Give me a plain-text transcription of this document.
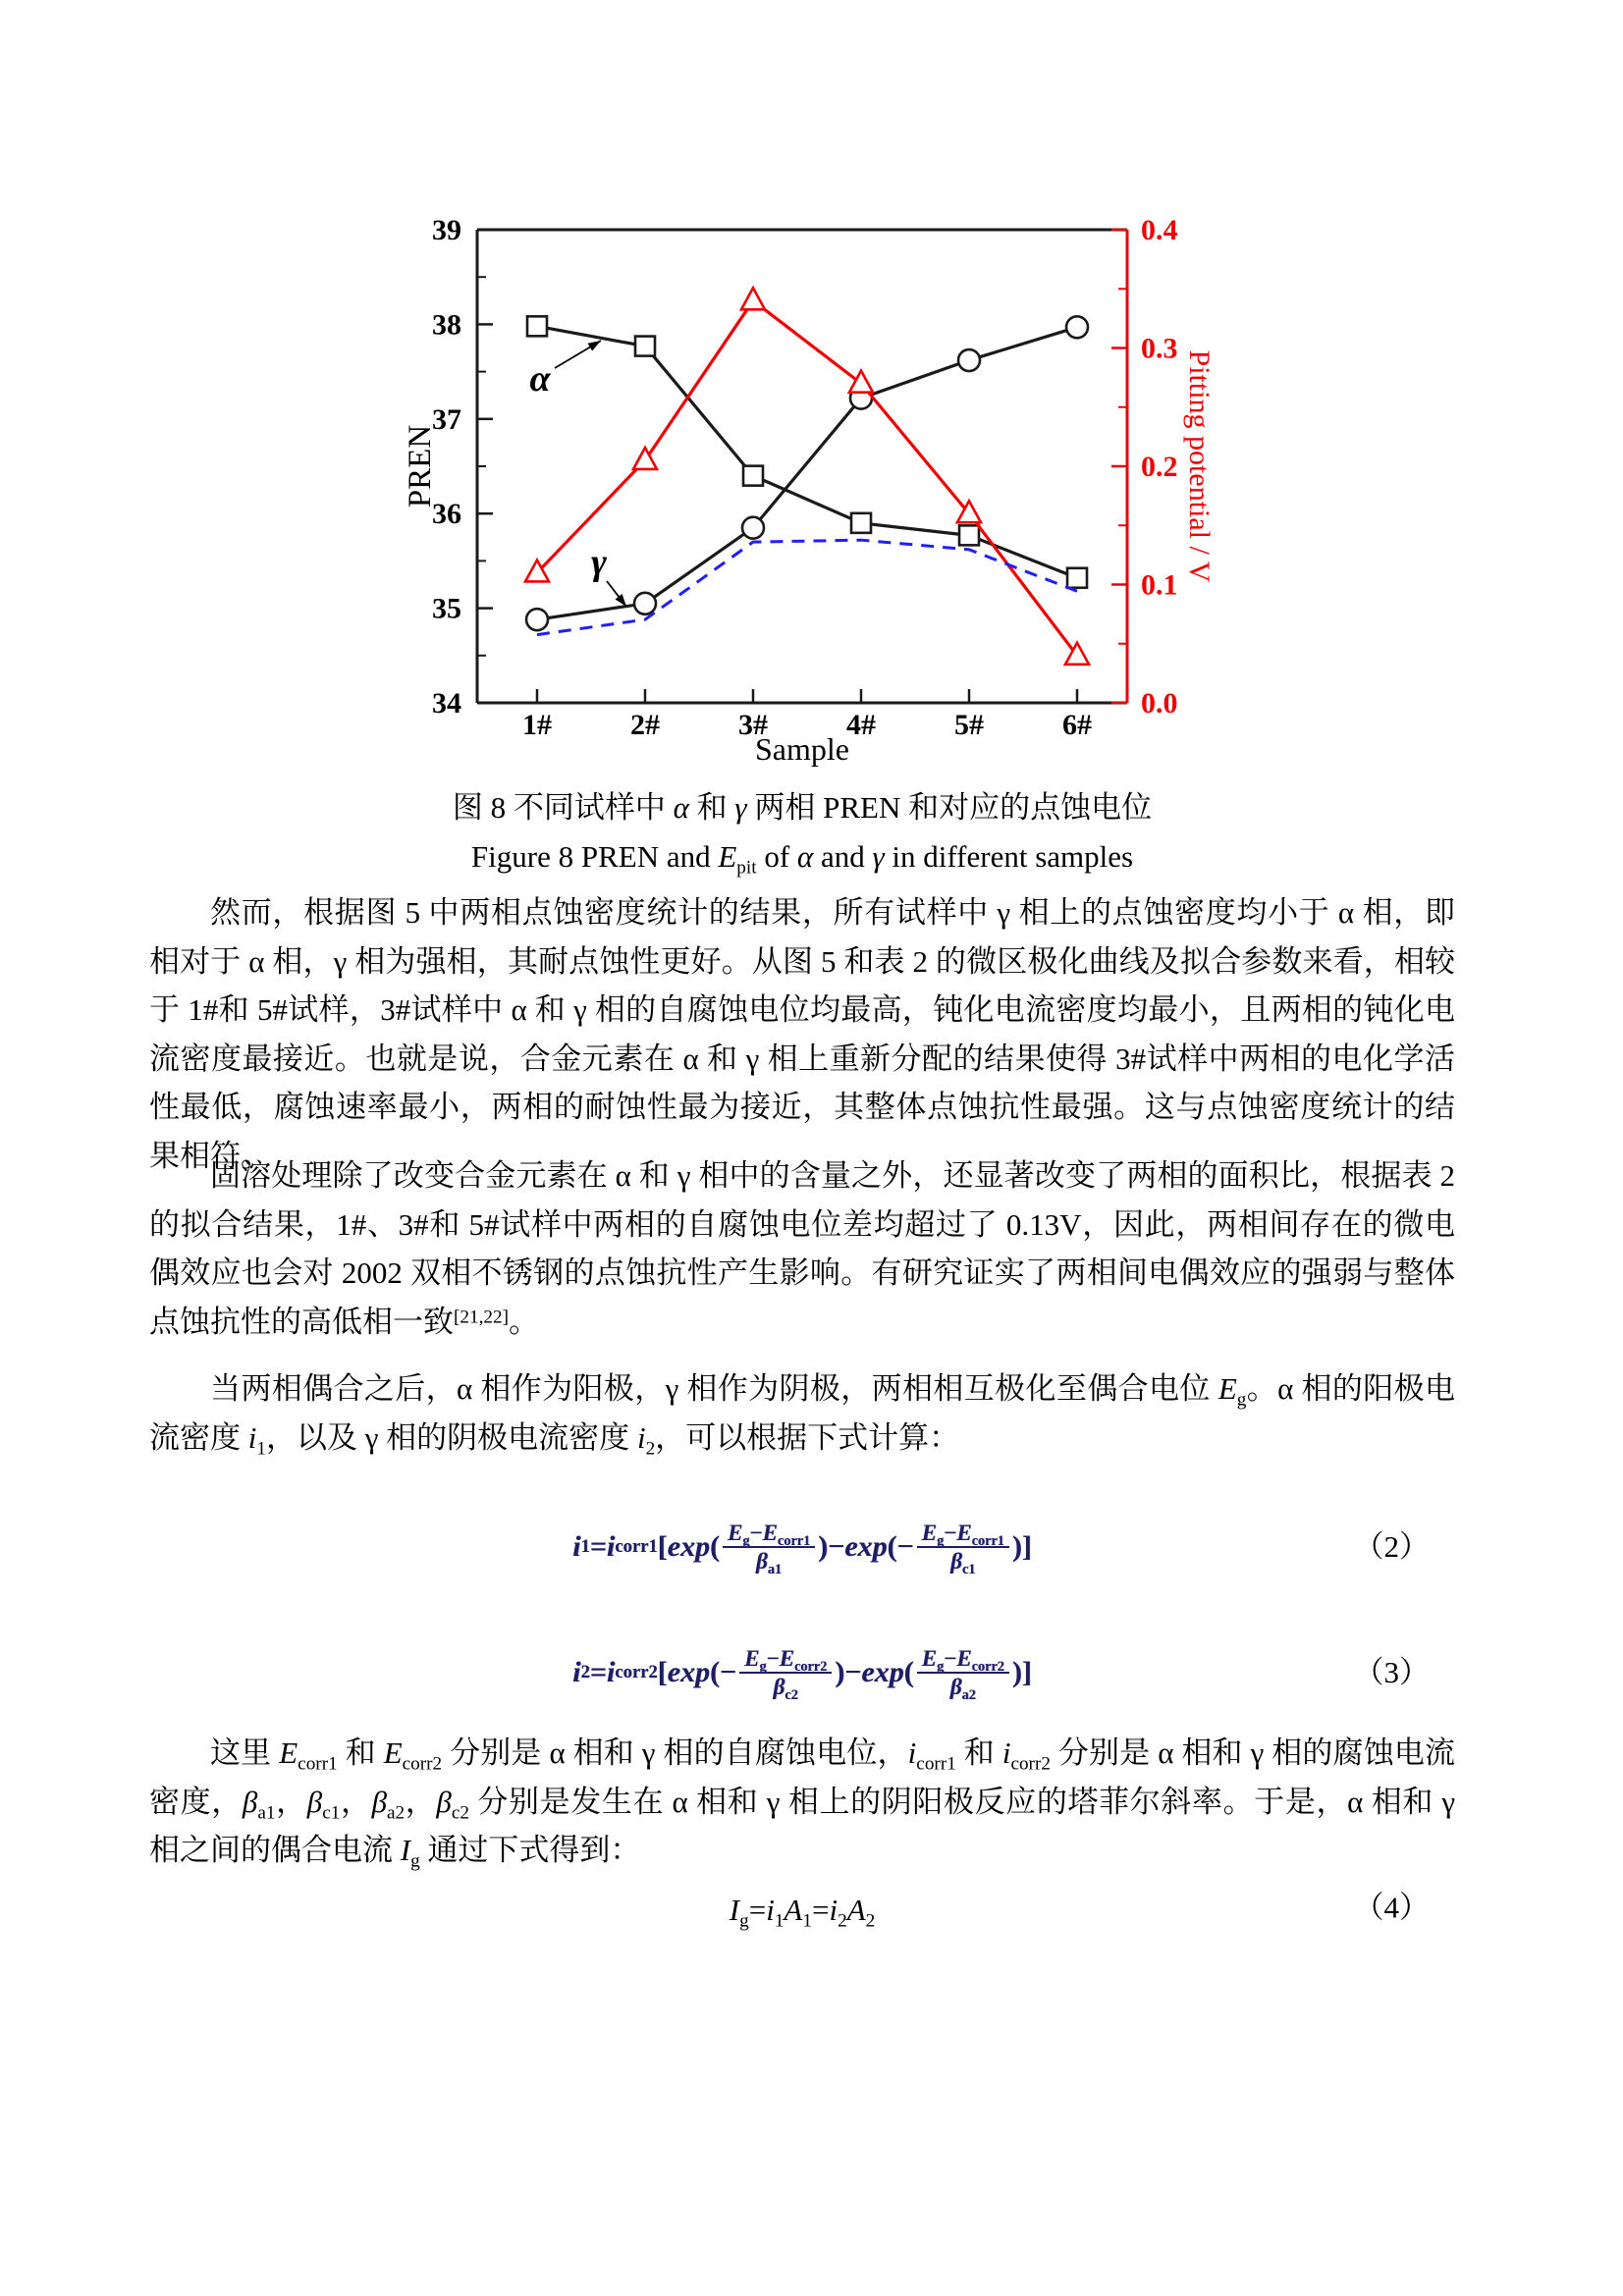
34
35
36
37
38
39
0.0
0.1
0.2
0.3
0.4
1#	2#	3#	4#	5#	6#
PREN
Sample
Pitting potential / V
α
γ
图 8 不同试样中 α 和 γ 两相 PREN 和对应的点蚀电位
Figure 8 PREN and $E_{pit}$ of α and γ in different samples
然而，根据图 5 中两相点蚀密度统计的结果，所有试样中 γ 相上的点蚀密度均小于 α 相，即相对于 α 相，γ 相为强相，其耐点蚀性更好。从图 5 和表 2 的微区极化曲线及拟合参数来看，相较于 1#和 5#试样，3#试样中 α 和 γ 相的自腐蚀电位均最高，钝化电流密度均最小，且两相的钝化电流密度最接近。也就是说，合金元素在 α 和 γ 相上重新分配的结果使得 3#试样中两相的电化学活性最低，腐蚀速率最小，两相的耐蚀性最为接近，其整体点蚀抗性最强。这与点蚀密度统计的结果相符。
固溶处理除了改变合金元素在 α 和 γ 相中的含量之外，还显著改变了两相的面积比，根据表 2 的拟合结果，1#、3#和 5#试样中两相的自腐蚀电位差均超过了 0.13V，因此，两相间存在的微电偶效应也会对 2002 双相不锈钢的点蚀抗性产生影响。有研究证实了两相间电偶效应的强弱与整体点蚀抗性的高低相一致[21,22]。
当两相偶合之后，α 相作为阳极，γ 相作为阴极，两相相互极化至偶合电位 $E_g$。α 相的阳极电流密度 $i_1$，以及 γ 相的阴极电流密度 $i_2$，可以根据下式计算：
这里 $E_{corr1}$ 和 $E_{corr2}$ 分别是 α 相和 γ 相的自腐蚀电位，$i_{corr1}$ 和 $i_{corr2}$ 分别是 α 相和 γ 相的腐蚀电流密度，$\beta_{a1}$，$\beta_{c1}$，$\beta_{a2}$，$\beta_{c2}$ 分别是发生在 α 相和 γ 相上的阴阳极反应的塔菲尔斜率。于是，α 相和 γ 相之间的偶合电流 $I_g$ 通过下式得到：
i 1 = i corr1 [ exp ( $\frac{E_g-E_{corr1}}{\beta_{a1}}$ ) − exp ( − $\frac{E_g-E_{corr1}}{\beta_{c1}}$ ) ]	（2）
i 2 = i corr2 [ exp ( − $\frac{E_g-E_{corr2}}{\beta_{c2}}$ ) − exp ( $\frac{E_g-E_{corr2}}{\beta_{a2}}$ ) ]	（3）
$I_g=i_1A_1=i_2A_2$	（4）
